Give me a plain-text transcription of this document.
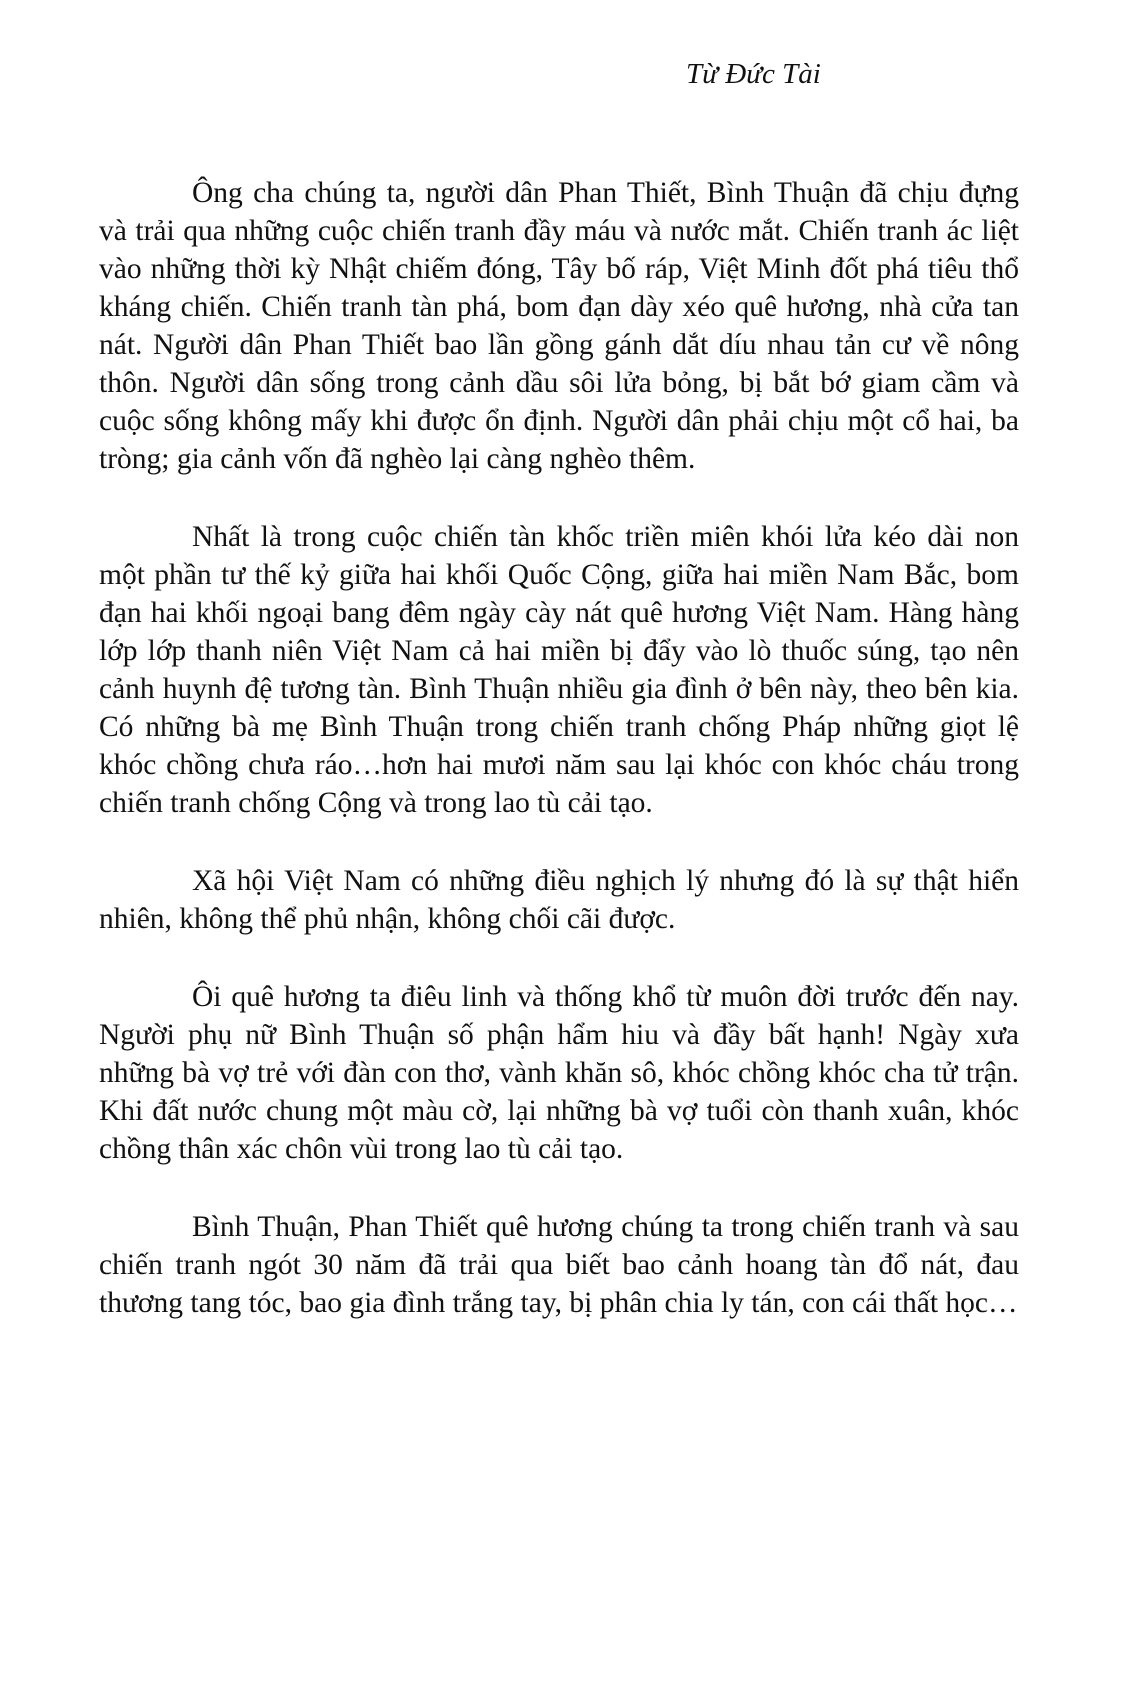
Từ Đức Tài

Ông cha chúng ta, người dân Phan Thiết, Bình Thuận đã chịu đựng và trải qua những cuộc chiến tranh đầy máu và nước mắt. Chiến tranh ác liệt vào những thời kỳ Nhật chiếm đóng, Tây bố ráp, Việt Minh đốt phá tiêu thổ kháng chiến. Chiến tranh tàn phá, bom đạn dày xéo quê hương, nhà cửa tan nát. Người dân Phan Thiết bao lần gồng gánh dắt díu nhau tản cư về nông thôn. Người dân sống trong cảnh dầu sôi lửa bỏng, bị bắt bớ giam cầm và cuộc sống không mấy khi được ổn định. Người dân phải chịu một cổ hai, ba tròng; gia cảnh vốn đã nghèo lại càng nghèo thêm.

Nhất là trong cuộc chiến tàn khốc triền miên khói lửa kéo dài non một phần tư thế kỷ giữa hai khối Quốc Cộng, giữa hai miền Nam Bắc, bom đạn hai khối ngoại bang đêm ngày cày nát quê hương Việt Nam. Hàng hàng lớp lớp thanh niên Việt Nam cả hai miền bị đẩy vào lò thuốc súng, tạo nên cảnh huynh đệ tương tàn. Bình Thuận nhiều gia đình ở bên này, theo bên kia. Có những bà mẹ Bình Thuận trong chiến tranh chống Pháp những giọt lệ khóc chồng chưa ráo…hơn hai mươi năm sau lại khóc con khóc cháu trong chiến tranh chống Cộng và trong lao tù cải tạo.

Xã hội Việt Nam có những điều nghịch lý nhưng đó là sự thật hiển nhiên, không thể phủ nhận, không chối cãi được.

Ôi quê hương ta điêu linh và thống khổ từ muôn đời trước đến nay. Người phụ nữ Bình Thuận số phận hẩm hiu và đầy bất hạnh! Ngày xưa những bà vợ trẻ với đàn con thơ, vành khăn sô, khóc chồng khóc cha tử trận. Khi đất nước chung một màu cờ, lại những bà vợ tuổi còn thanh xuân, khóc chồng thân xác chôn vùi trong lao tù cải tạo.

Bình Thuận, Phan Thiết quê hương chúng ta trong chiến tranh và sau chiến tranh ngót 30 năm đã trải qua biết bao cảnh hoang tàn đổ nát, đau thương tang tóc, bao gia đình trắng tay, bị phân chia ly tán, con cái thất học…
